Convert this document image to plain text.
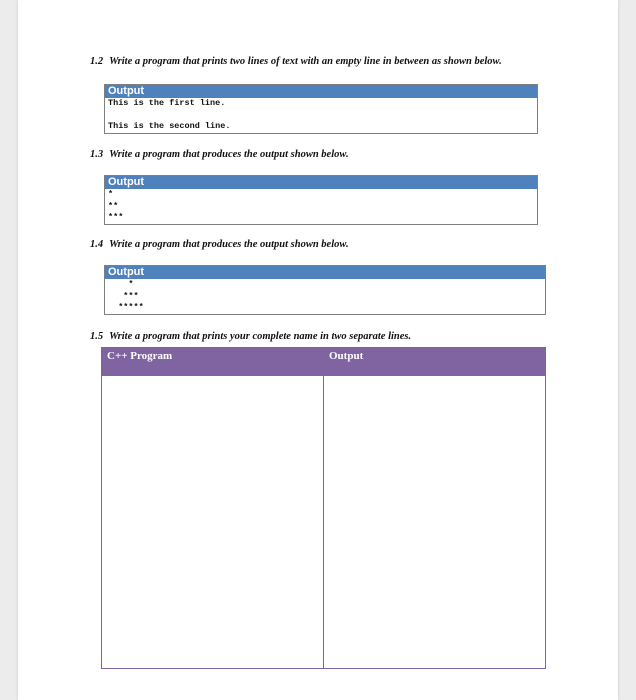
1.2 Write a program that prints two lines of text with an empty line in between as shown below.
Output
This is the first line.

This is the second line.
1.3 Write a program that produces the output shown below.
Output
*
**
***
1.4 Write a program that produces the output shown below.
Output
*
***
*****
1.5 Write a program that prints your complete name in two separate lines.
C++ Program	Output
